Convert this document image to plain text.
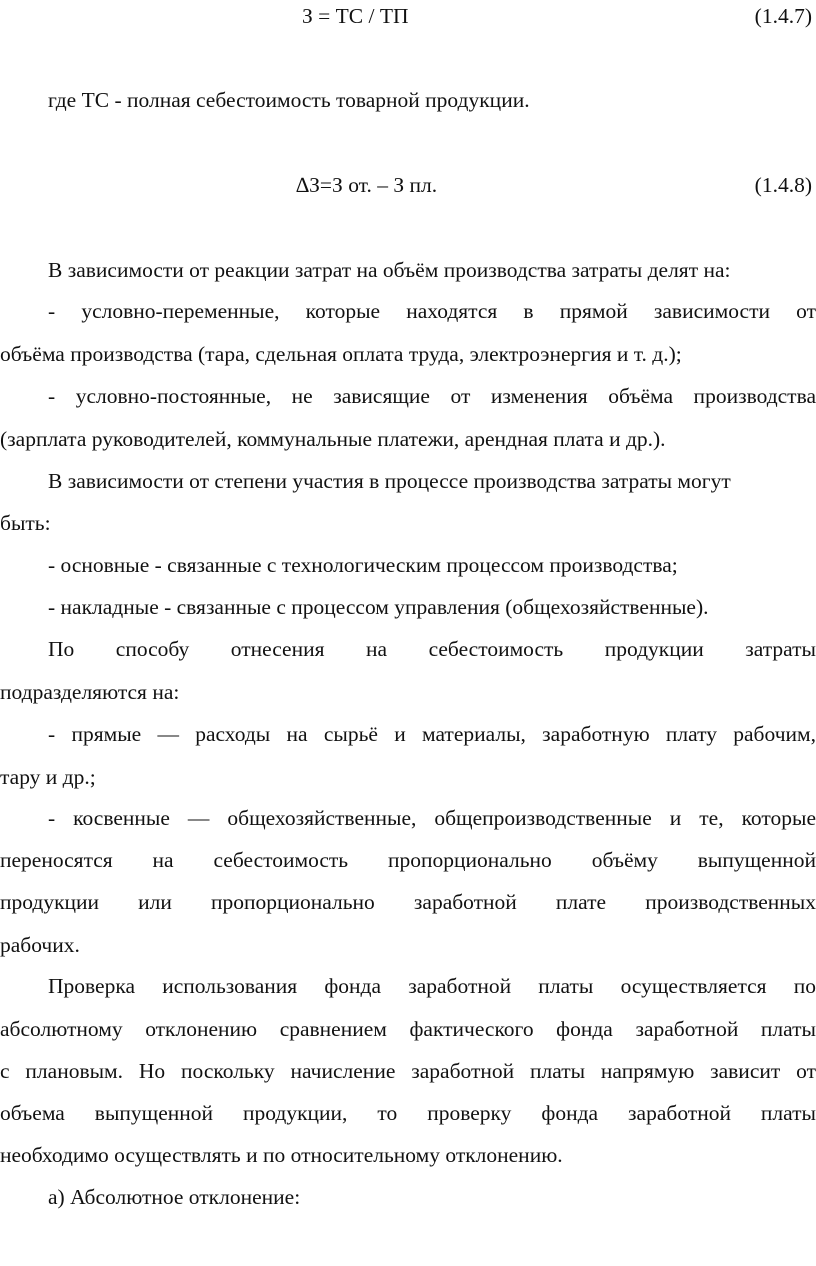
З = ТС / ТП	(1.4.7)
где ТС - полная себестоимость товарной продукции.
∆З=З от. – З пл.	(1.4.8)
В зависимости от реакции затрат на объём производства затраты делят на:
- условно-переменные, которые находятся в прямой зависимости от
объёма производства (тара, сдельная оплата труда, электроэнергия и т. д.);
- условно-постоянные, не зависящие от изменения объёма производства
(зарплата руководителей, коммунальные платежи, арендная плата и др.).
В зависимости от степени участия в процессе производства затраты могут
быть:
- основные - связанные с технологическим процессом производства;
- накладные - связанные с процессом управления (общехозяйственные).
По способу отнесения на себестоимость продукции затраты
подразделяются на:
- прямые — расходы на сырьё и материалы, заработную плату рабочим,
тару и др.;
- косвенные — общехозяйственные, общепроизводственные и те, которые
переносятся на себестоимость пропорционально объёму выпущенной
продукции или пропорционально заработной плате производственных
рабочих.
Проверка использования фонда заработной платы осуществляется по
абсолютному отклонению сравнением фактического фонда заработной платы
с плановым. Но поскольку начисление заработной платы напрямую зависит от
объема выпущенной продукции, то проверку фонда заработной платы
необходимо осуществлять и по относительному отклонению.
а) Абсолютное отклонение:
